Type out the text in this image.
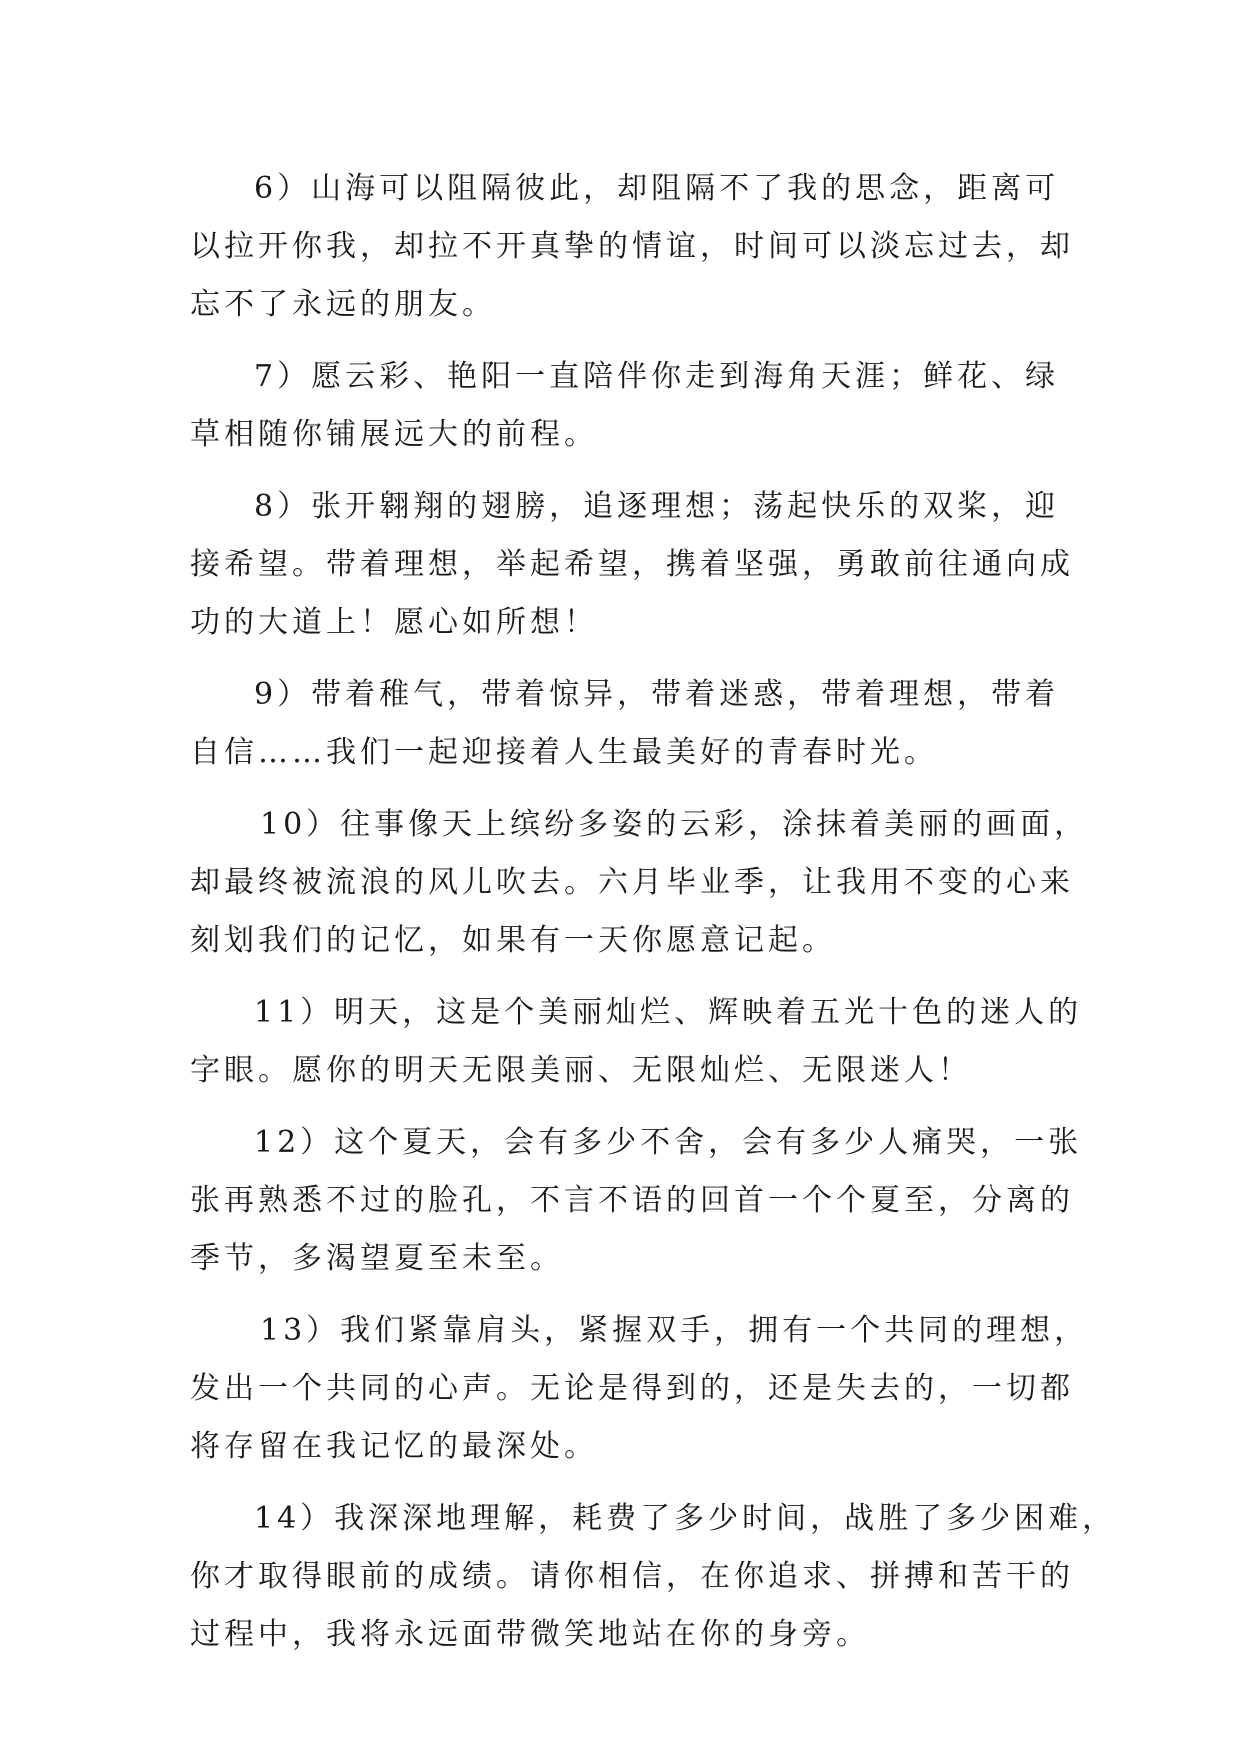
6）山海可以阻隔彼此，却阻隔不了我的思念，距离可
以拉开你我，却拉不开真挚的情谊，时间可以淡忘过去，却
忘不了永远的朋友。
7）愿云彩、艳阳一直陪伴你走到海角天涯；鲜花、绿
草相随你铺展远大的前程。
8）张开翱翔的翅膀，追逐理想；荡起快乐的双桨，迎
接希望。带着理想，举起希望，携着坚强，勇敢前往通向成
功的大道上！愿心如所想！
9）带着稚气，带着惊异，带着迷惑，带着理想，带着
自信……我们一起迎接着人生最美好的青春时光。
10）往事像天上缤纷多姿的云彩，涂抹着美丽的画面，
却最终被流浪的风儿吹去。六月毕业季，让我用不变的心来
刻划我们的记忆，如果有一天你愿意记起。
11）明天，这是个美丽灿烂、辉映着五光十色的迷人的
字眼。愿你的明天无限美丽、无限灿烂、无限迷人！
12）这个夏天，会有多少不舍，会有多少人痛哭，一张
张再熟悉不过的脸孔，不言不语的回首一个个夏至，分离的
季节，多渴望夏至未至。
13）我们紧靠肩头，紧握双手，拥有一个共同的理想，
发出一个共同的心声。无论是得到的，还是失去的，一切都
将存留在我记忆的最深处。
14）我深深地理解，耗费了多少时间，战胜了多少困难，
你才取得眼前的成绩。请你相信，在你追求、拼搏和苦干的
过程中，我将永远面带微笑地站在你的身旁。
